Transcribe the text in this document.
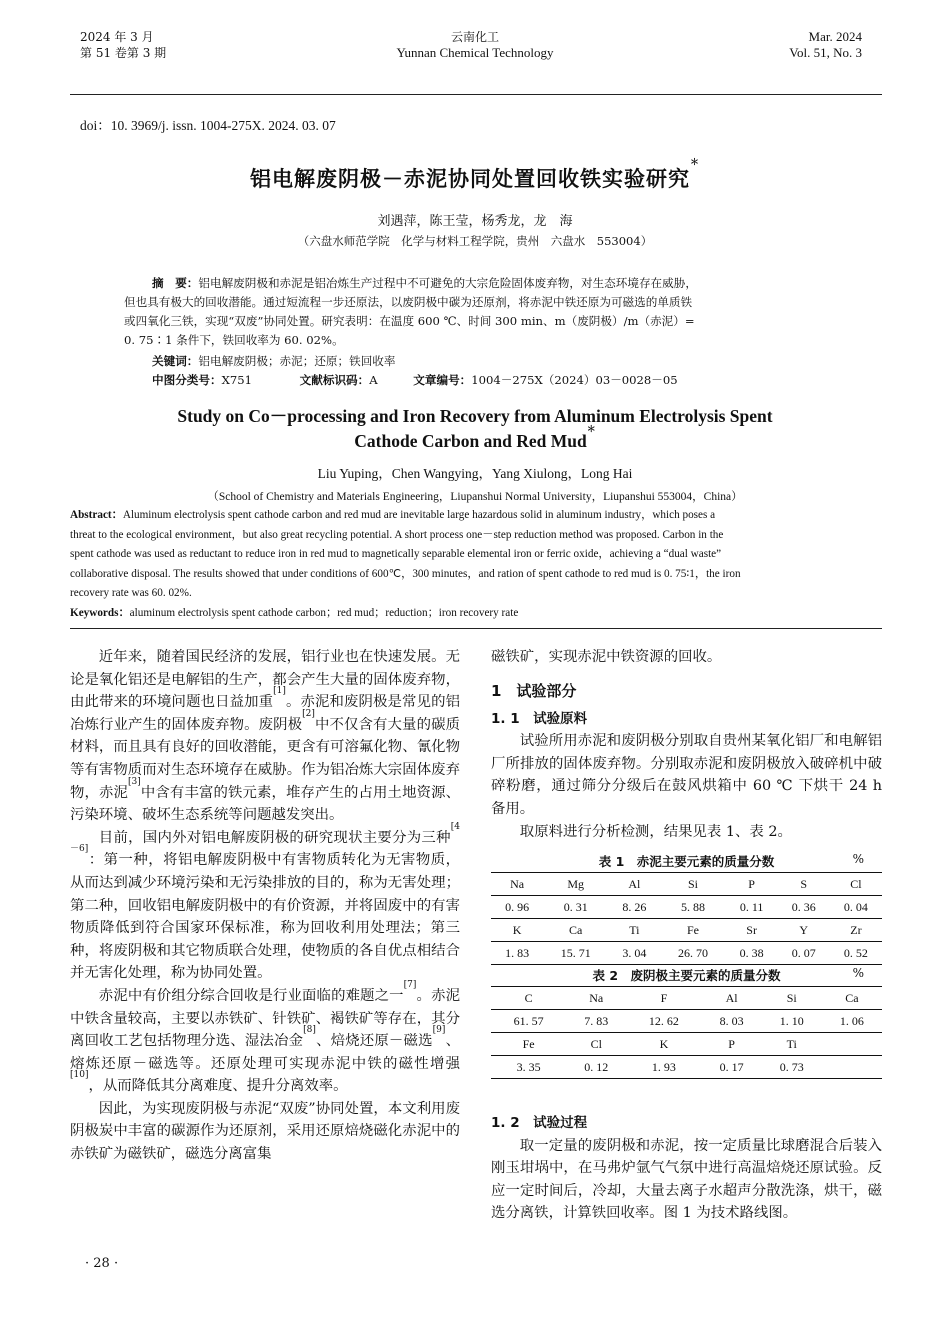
2024 年 3 月
第 51 卷第 3 期
云南化工
Yunnan Chemical Technology
Mar. 2024
Vol. 51, No. 3
doi：10. 3969/j. issn. 1004-275X. 2024. 03. 07
铝电解废阴极－赤泥协同处置回收铁实验研究＊
刘遇萍，陈王莹，杨秀龙，龙　海
（六盘水师范学院　化学与材料工程学院，贵州　六盘水　553004）
摘　要：铝电解废阴极和赤泥是铝冶炼生产过程中不可避免的大宗危险固体废弃物，对生态环境存在威胁，
但也具有极大的回收潜能。通过短流程一步还原法，以废阴极中碳为还原剂，将赤泥中铁还原为可磁选的单质铁
或四氧化三铁，实现“双废”协同处置。研究表明：在温度 600 ℃、时间 300 min、m（废阴极）/m（赤泥）=
0. 75∶1 条件下，铁回收率为 60. 02%。
关键词：铝电解废阴极；赤泥；还原；铁回收率
中图分类号：X751	文献标识码：A	文章编号：1004－275X（2024）03－0028－05
Study on Co－processing and Iron Recovery from Aluminum Electrolysis Spent
Cathode Carbon and Red Mud＊
Liu Yuping，Chen Wangying，Yang Xiulong，Long Hai
（School of Chemistry and Materials Engineering，Liupanshui Normal University，Liupanshui 553004，China）
Abstract：Aluminum electrolysis spent cathode carbon and red mud are inevitable large hazardous solid in aluminum industry，which poses a
threat to the ecological environment，but also great recycling potential. A short process one－step reduction method was proposed. Carbon in the
spent cathode was used as reductant to reduce iron in red mud to magnetically separable elemental iron or ferric oxide，achieving a “dual waste”
collaborative disposal. The results showed that under conditions of 600℃，300 minutes，and ration of spent cathode to red mud is 0. 75∶1，the iron
recovery rate was 60. 02%.
Keywords：aluminum electrolysis spent cathode carbon；red mud；reduction；iron recovery rate

近年来，随着国民经济的发展，铝行业也在快速发展。无论是氧化铝还是电解铝的生产，都会产生大量的固体废弃物，由此带来的环境问题也日益加重[1]。赤泥和废阴极是常见的铝冶炼行业产生的固体废弃物。废阴极[2]中不仅含有大量的碳质材料，而且具有良好的回收潜能，更含有可溶氟化物、氰化物等有害物质而对生态环境存在威胁。作为铝冶炼大宗固体废弃物，赤泥[3]中含有丰富的铁元素，堆存产生的占用土地资源、污染环境、破坏生态系统等问题越发突出。

目前，国内外对铝电解废阴极的研究现状主要分为三种[4－6]：第一种，将铝电解废阴极中有害物质转化为无害物质，从而达到减少环境污染和无污染排放的目的，称为无害处理；第二种，回收铝电解废阴极中的有价资源，并将固废中的有害物质降低到符合国家环保标准，称为回收利用处理法；第三种，将废阴极和其它物质联合处理，使物质的各自优点相结合并无害化处理，称为协同处置。

赤泥中有价组分综合回收是行业面临的难题之一[7]。赤泥中铁含量较高，主要以赤铁矿、针铁矿、褐铁矿等存在，其分离回收工艺包括物理分选、湿法冶金[8]、焙烧还原－磁选[9]、熔炼还原－磁选等。还原处理可实现赤泥中铁的磁性增强[10]，从而降低其分离难度、提升分离效率。

因此，为实现废阴极与赤泥“双废”协同处置，本文利用废阴极炭中丰富的碳源作为还原剂，采用还原焙烧磁化赤泥中的赤铁矿为磁铁矿，磁选分离富集

· 28 ·
磁铁矿，实现赤泥中铁资源的回收。
1　试验部分
1. 1　试验原料

试验所用赤泥和废阴极分别取自贵州某氧化铝厂和电解铝厂所排放的固体废弃物。分别取赤泥和废阴极放入破碎机中破碎粉磨，通过筛分分级后在鼓风烘箱中 60 ℃ 下烘干 24 h 备用。

取原料进行分析检测，结果见表 1、表 2。

表 1　赤泥主要元素的质量分数	%
Na	Mg	Al	Si	P	S	Cl
0. 96	0. 31	8. 26	5. 88	0. 11	0. 36	0. 04
K	Ca	Ti	Fe	Sr	Y	Zr
1. 83	15. 71	3. 04	26. 70	0. 38	0. 07	0. 52
表 2　废阴极主要元素的质量分数	%
C	Na	F	Al	Si	Ca
61. 57	7. 83	12. 62	8. 03	1. 10	1. 06
Fe	Cl	K	P	Ti	
3. 35	0. 12	1. 93	0. 17	0. 73	
1. 2　试验过程

取一定量的废阴极和赤泥，按一定质量比球磨混合后装入刚玉坩埚中，在马弗炉氩气气氛中进行高温焙烧还原试验。反应一定时间后，冷却，大量去离子水超声分散洗涤，烘干，磁选分离铁，计算铁回收率。图 1 为技术路线图。
